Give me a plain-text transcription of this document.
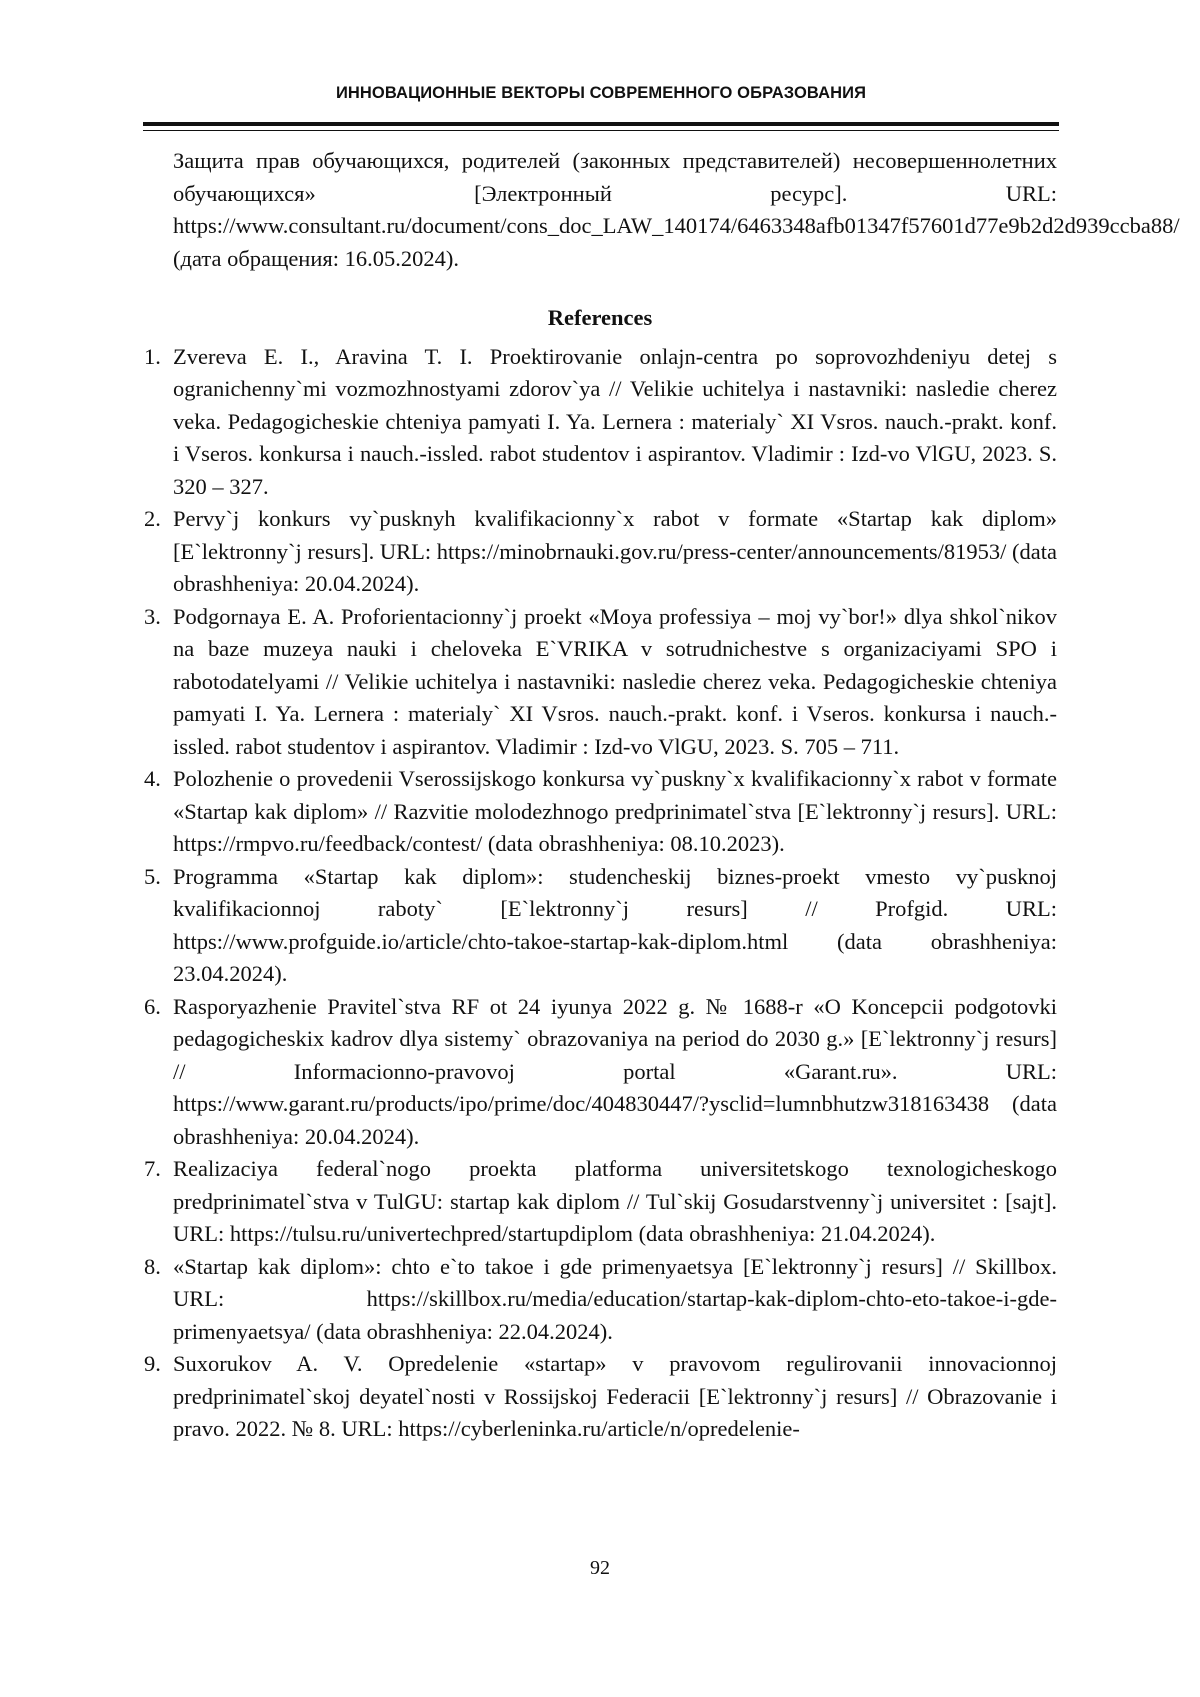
ИННОВАЦИОННЫЕ ВЕКТОРЫ СОВРЕМЕННОГО ОБРАЗОВАНИЯ

Защита прав обучающихся, родителей (законных представителей) несовершеннолетних обучающихся» [Электронный ресурс]. URL: https://www.consultant.ru/document/cons_doc_LAW_140174/6463348afb01347f57601d77e9b2d2d939ccba88/ (дата обращения: 16.05.2024).

References
1. Zvereva E. I., Aravina T. I. Proektirovanie onlajn-centra po soprovozhdeniyu detej s ogranichenny`mi vozmozhnostyami zdorov`ya // Velikie uchitelya i nastavniki: nasledie cherez veka. Pedagogicheskie chteniya pamyati I. Ya. Lernera : materialy` XI Vsros. nauch.-prakt. konf. i Vseros. konkursa i nauch.-issled. rabot studentov i aspirantov. Vladimir : Izd-vo VlGU, 2023. S. 320 – 327.
2. Pervy`j konkurs vy`pusknyh kvalifikacionny`x rabot v formate «Startap kak diplom» [E`lektronny`j resurs]. URL: https://minobrnauki.gov.ru/press-center/announcements/81953/ (data obrashheniya: 20.04.2024).
3. Podgornaya E. A. Proforientacionny`j proekt «Moya professiya – moj vy`bor!» dlya shkol`nikov na baze muzeya nauki i cheloveka E`VRIKA v sotrudnichestve s organizaciyami SPO i rabotodatelyami // Velikie uchitelya i nastavniki: nasledie cherez veka. Pedagogicheskie chteniya pamyati I. Ya. Lernera : materialy` XI Vsros. nauch.-prakt. konf. i Vseros. konkursa i nauch.-issled. rabot studentov i aspirantov. Vladimir : Izd-vo VlGU, 2023. S. 705 – 711.
4. Polozhenie o provedenii Vserossijskogo konkursa vy`puskny`x kvalifikacionny`x rabot v formate «Startap kak diplom» // Razvitie molodezhnogo predprinimatel`stva [E`lektronny`j resurs]. URL: https://rmpvo.ru/feedback/contest/ (data obrashheniya: 08.10.2023).
5. Programma «Startap kak diplom»: studencheskij biznes-proekt vmesto vy`pusknoj kvalifikacionnoj raboty` [E`lektronny`j resurs] // Profgid. URL: https://www.profguide.io/article/chto-takoe-startap-kak-diplom.html (data obrashheniya: 23.04.2024).
6. Rasporyazhenie Pravitel`stva RF ot 24 iyunya 2022 g. № 1688-r «O Koncepcii podgotovki pedagogicheskix kadrov dlya sistemy` obrazovaniya na period do 2030 g.» [E`lektronny`j resurs] // Informacionno-pravovoj portal «Garant.ru». URL: https://www.garant.ru/products/ipo/prime/doc/404830447/?ysclid=lumnbhutzw318163438 (data obrashheniya: 20.04.2024).
7. Realizaciya federal`nogo proekta platforma universitetskogo texnologicheskogo predprinimatel`stva v TulGU: startap kak diplom // Tul`skij Gosudarstvenny`j universitet : [sajt]. URL: https://tulsu.ru/univertechpred/startupdiplom (data obrashheniya: 21.04.2024).
8. «Startap kak diplom»: chto e`to takoe i gde primenyaetsya [E`lektronny`j resurs] // Skillbox. URL: https://skillbox.ru/media/education/startap-kak-diplom-chto-eto-takoe-i-gde-primenyaetsya/ (data obrashheniya: 22.04.2024).
9. Suxorukov A. V. Opredelenie «startap» v pravovom regulirovanii innovacionnoj predprinimatel`skoj deyatel`nosti v Rossijskoj Federacii [E`lektronny`j resurs] // Obrazovanie i pravo. 2022. № 8. URL: https://cyberleninka.ru/article/n/opredelenie-
92
